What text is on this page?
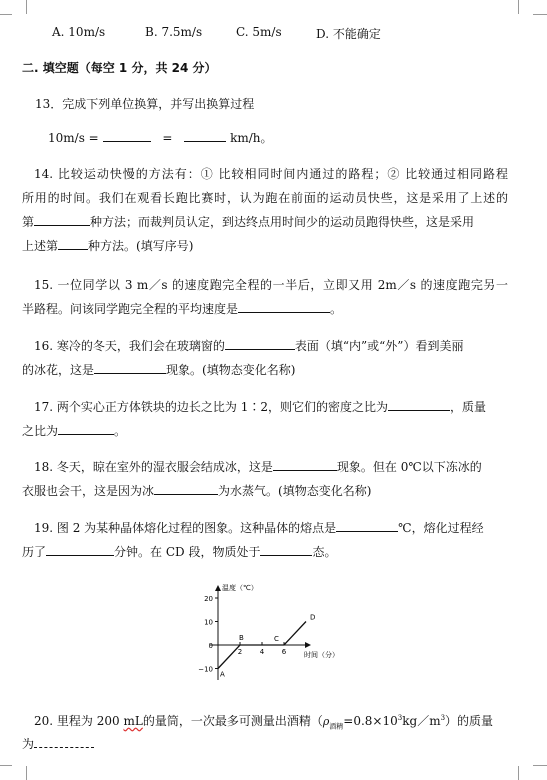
A. 10m/s	B. 7.5m/s	C. 5m/s	D. 不能确定
二. 填空题（每空 1 分，共 24 分）
13．完成下列单位换算，并写出换算过程
10m/s =	=	km/h。
14. 比较运动快慢的方法有：① 比较相同时间内通过的路程；② 比较通过相同路程
所用的时间。我们在观看长跑比赛时，认为跑在前面的运动员快些，这是采用了上述的
第	种方法；而裁判员认定，到达终点用时间少的运动员跑得快些，这是采用
上述第	种方法。(填写序号)
15. 一位同学以 3 m／s 的速度跑完全程的一半后，立即又用 2m／s 的速度跑完另一
半路程。问该同学跑完全程的平均速度是	。
16. 寒冷的冬天，我们会在玻璃窗的	表面（填“内”或“外”）看到美丽
的冰花，这是	现象。(填物态变化名称)
17. 两个实心正方体铁块的边长之比为 1∶2，则它们的密度之比为	，质量
之比为	。
18. 冬天，晾在室外的湿衣服会结成冰，这是	现象。但在 0℃以下冻冰的
衣服也会干，这是因为冰	为水蒸气。(填物态变化名称)
19. 图 2 为某种晶体熔化过程的图象。这种晶体的熔点是	℃，熔化过程经
历了	分钟。在 CD 段，物质处于	态。
温度（℃）
时间（分）
20
10
0
−10
2	4	6
A
B	C
D
20. 里程为 200 mL的量筒，一次最多可测量出酒精$(\rho_{酒精}=0.8\times 10^3kg/m^3)$的质量
为
